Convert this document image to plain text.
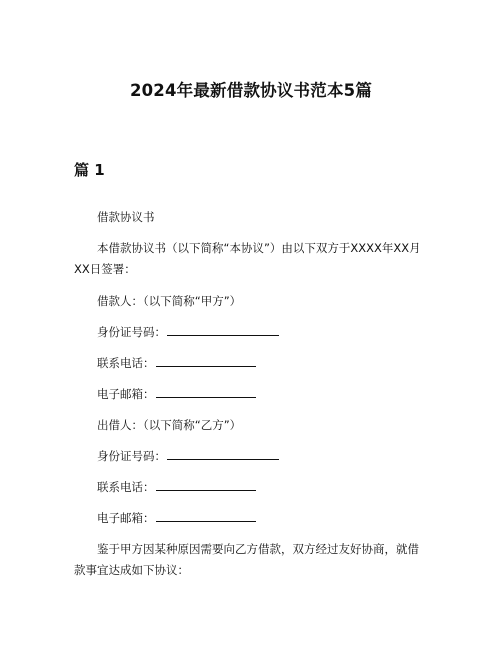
2024年最新借款协议书范本5篇
篇 1

借款协议书

本借款协议书（以下简称“本协议”）由以下双方于XXXX年XX月XX日签署：

借款人：（以下简称“甲方”）

身份证号码：

联系电话：

电子邮箱：

出借人：（以下简称“乙方”）

身份证号码：

联系电话：

电子邮箱：

鉴于甲方因某种原因需要向乙方借款，双方经过友好协商，就借款事宜达成如下协议：
